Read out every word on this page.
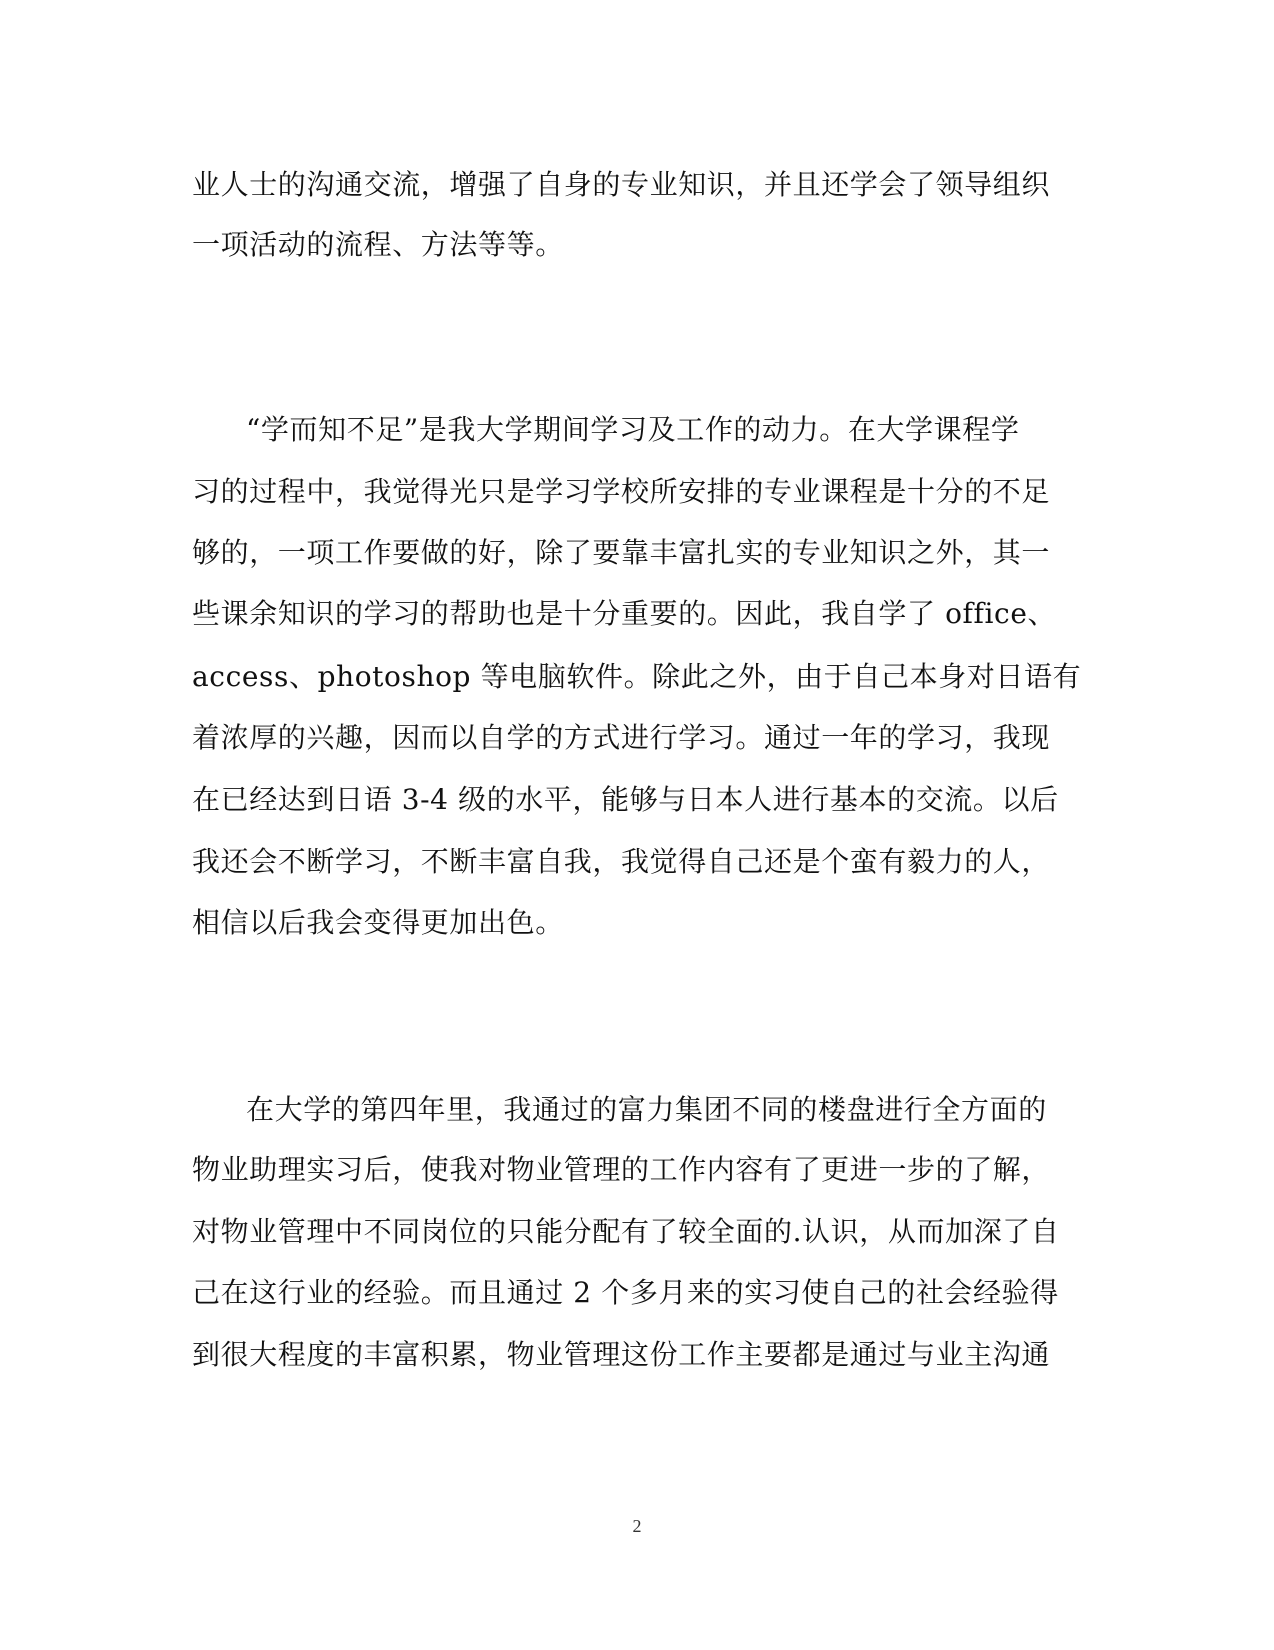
业人士的沟通交流，增强了自身的专业知识，并且还学会了领导组织
一项活动的流程、方法等等。
“学而知不足”是我大学期间学习及工作的动力。在大学课程学
习的过程中，我觉得光只是学习学校所安排的专业课程是十分的不足
够的，一项工作要做的好，除了要靠丰富扎实的专业知识之外，其一
些课余知识的学习的帮助也是十分重要的。因此，我自学了 office、
access、photoshop 等电脑软件。除此之外，由于自己本身对日语有
着浓厚的兴趣，因而以自学的方式进行学习。通过一年的学习，我现
在已经达到日语 3-4 级的水平，能够与日本人进行基本的交流。以后
我还会不断学习，不断丰富自我，我觉得自己还是个蛮有毅力的人，
相信以后我会变得更加出色。
在大学的第四年里，我通过的富力集团不同的楼盘进行全方面的
物业助理实习后，使我对物业管理的工作内容有了更进一步的了解，
对物业管理中不同岗位的只能分配有了较全面的.认识，从而加深了自
己在这行业的经验。而且通过 2 个多月来的实习使自己的社会经验得
到很大程度的丰富积累，物业管理这份工作主要都是通过与业主沟通
2
